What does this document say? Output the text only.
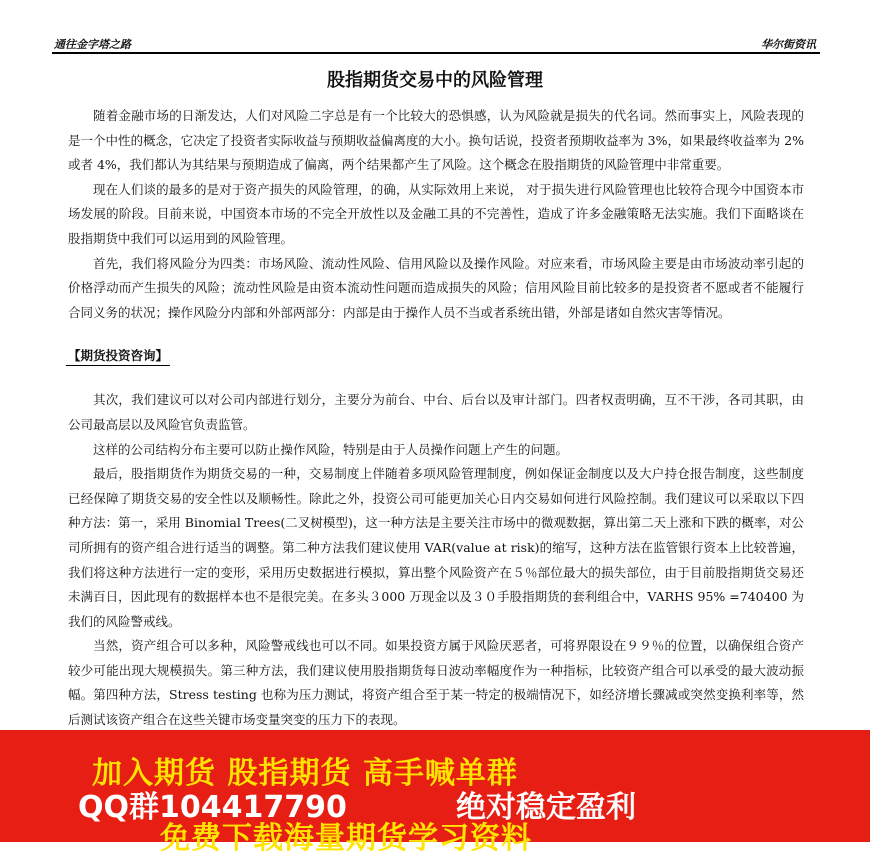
通往金字塔之路	华尔街资讯
股指期货交易中的风险管理

随着金融市场的日渐发达，人们对风险二字总是有一个比较大的恐惧感，认为风险就是损失的代名词。然而事实上，风险表现的是一个中性的概念，它决定了投资者实际收益与预期收益偏离度的大小。换句话说，投资者预期收益率为 3%，如果最终收益率为 2%或者 4%，我们都认为其结果与预期造成了偏离，两个结果都产生了风险。这个概念在股指期货的风险管理中非常重要。

现在人们谈的最多的是对于资产损失的风险管理，的确，从实际效用上来说， 对于损失进行风险管理也比较符合现今中国资本市场发展的阶段。目前来说，中国资本市场的不完全开放性以及金融工具的不完善性，造成了许多金融策略无法实施。我们下面略谈在股指期货中我们可以运用到的风险管理。

首先，我们将风险分为四类：市场风险、流动性风险、信用风险以及操作风险。对应来看，市场风险主要是由市场波动率引起的价格浮动而产生损失的风险；流动性风险是由资本流动性问题而造成损失的风险；信用风险目前比较多的是投资者不愿或者不能履行合同义务的状况；操作风险分内部和外部两部分：内部是由于操作人员不当或者系统出错，外部是诸如自然灾害等情况。

【期货投资咨询】

其次，我们建议可以对公司内部进行划分，主要分为前台、中台、后台以及审计部门。四者权责明确，互不干涉，各司其职，由公司最高层以及风险官负责监管。

这样的公司结构分布主要可以防止操作风险，特别是由于人员操作问题上产生的问题。

最后，股指期货作为期货交易的一种，交易制度上伴随着多项风险管理制度，例如保证金制度以及大户持仓报告制度，这些制度已经保障了期货交易的安全性以及顺畅性。除此之外，投资公司可能更加关心日内交易如何进行风险控制。我们建议可以采取以下四种方法：第一，采用 Binomial Trees(二叉树模型)，这一种方法是主要关注市场中的微观数据，算出第二天上涨和下跌的概率，对公司所拥有的资产组合进行适当的调整。第二种方法我们建议使用 VAR(value at risk)的缩写，这种方法在监管银行资本上比较普遍，我们将这种方法进行一定的变形，采用历史数据进行模拟，算出整个风险资产在５％部位最大的损失部位，由于目前股指期货交易还未满百日，因此现有的数据样本也不是很完美。在多头３000 万现金以及３０手股指期货的套利组合中，VARHS 95% =740400 为我们的风险警戒线。

当然，资产组合可以多种，风险警戒线也可以不同。如果投资方属于风险厌恶者，可将界限设在９９％的位置，以确保组合资产较少可能出现大规模损失。第三种方法，我们建议使用股指期货每日波动率幅度作为一种指标，比较资产组合可以承受的最大波动振幅。第四种方法，Stress testing 也称为压力测试，将资产组合至于某一特定的极端情况下，如经济增长骤减或突然变换利率等，然后测试该资产组合在这些关键市场变量突变的压力下的表现。

加入期货 股指期货 高手喊单群
QQ群104417790	绝对稳定盈利
免费下载海量期货学习资料
